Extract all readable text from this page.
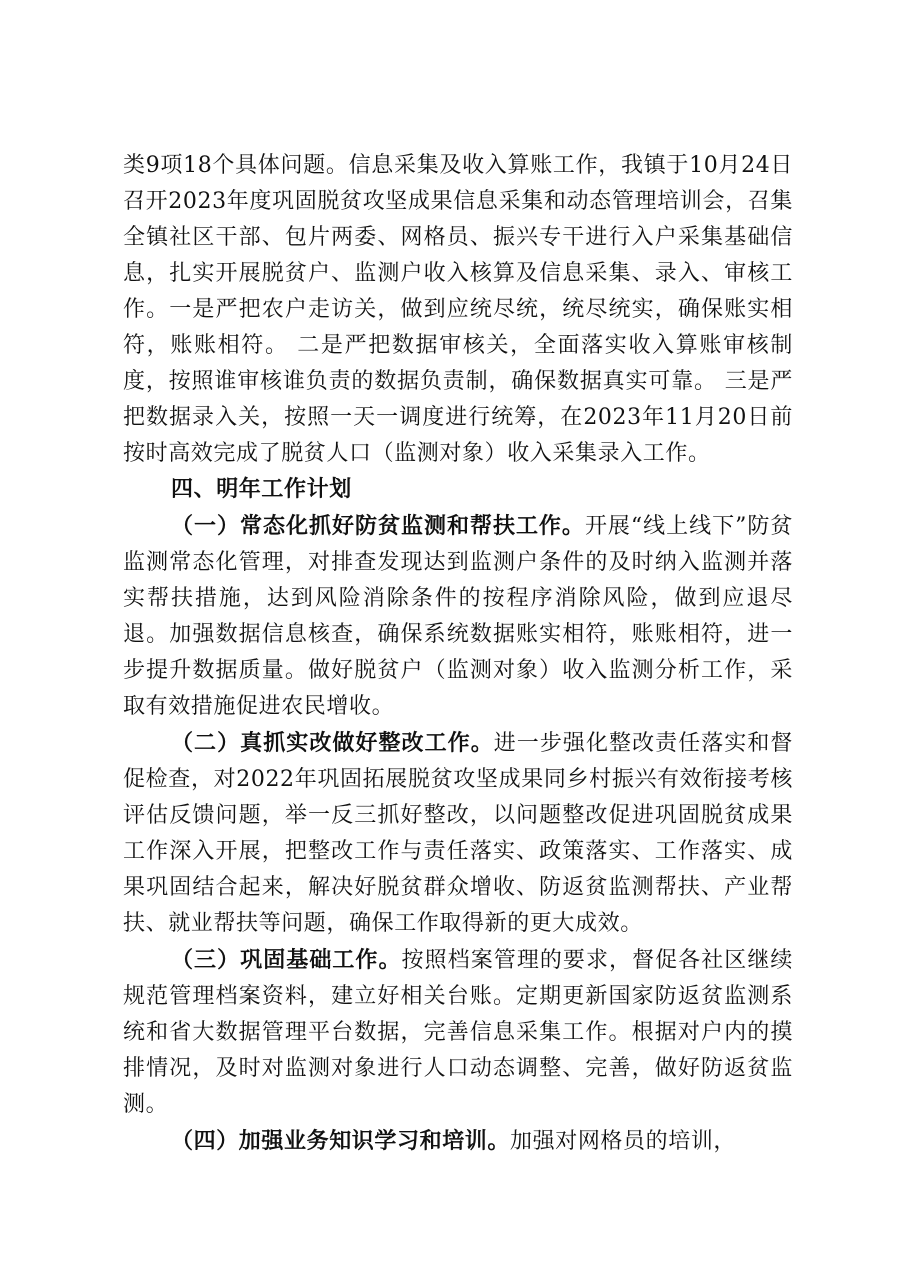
类9项18个具体问题。信息采集及收入算账工作，我镇于10月24日召开2023年度巩固脱贫攻坚成果信息采集和动态管理培训会，召集全镇社区干部、包片两委、网格员、振兴专干进行入户采集基础信息，扎实开展脱贫户、监测户收入核算及信息采集、录入、审核工作。一是严把农户走访关，做到应统尽统，统尽统实，确保账实相符，账账相符。 二是严把数据审核关，全面落实收入算账审核制度，按照谁审核谁负责的数据负责制，确保数据真实可靠。 三是严把数据录入关，按照一天一调度进行统筹，在2023年11月20日前按时高效完成了脱贫人口（监测对象）收入采集录入工作。

四、明年工作计划

（一）常态化抓好防贫监测和帮扶工作。开展“线上线下”防贫监测常态化管理，对排查发现达到监测户条件的及时纳入监测并落实帮扶措施，达到风险消除条件的按程序消除风险，做到应退尽退。加强数据信息核查，确保系统数据账实相符，账账相符，进一步提升数据质量。做好脱贫户（监测对象）收入监测分析工作，采取有效措施促进农民增收。

（二）真抓实改做好整改工作。进一步强化整改责任落实和督促检查，对2022年巩固拓展脱贫攻坚成果同乡村振兴有效衔接考核评估反馈问题，举一反三抓好整改，以问题整改促进巩固脱贫成果工作深入开展，把整改工作与责任落实、政策落实、工作落实、成果巩固结合起来，解决好脱贫群众增收、防返贫监测帮扶、产业帮扶、就业帮扶等问题，确保工作取得新的更大成效。

（三）巩固基础工作。按照档案管理的要求，督促各社区继续规范管理档案资料，建立好相关台账。定期更新国家防返贫监测系统和省大数据管理平台数据，完善信息采集工作。根据对户内的摸排情况，及时对监测对象进行人口动态调整、完善，做好防返贫监测。

（四）加强业务知识学习和培训。加强对网格员的培训，
